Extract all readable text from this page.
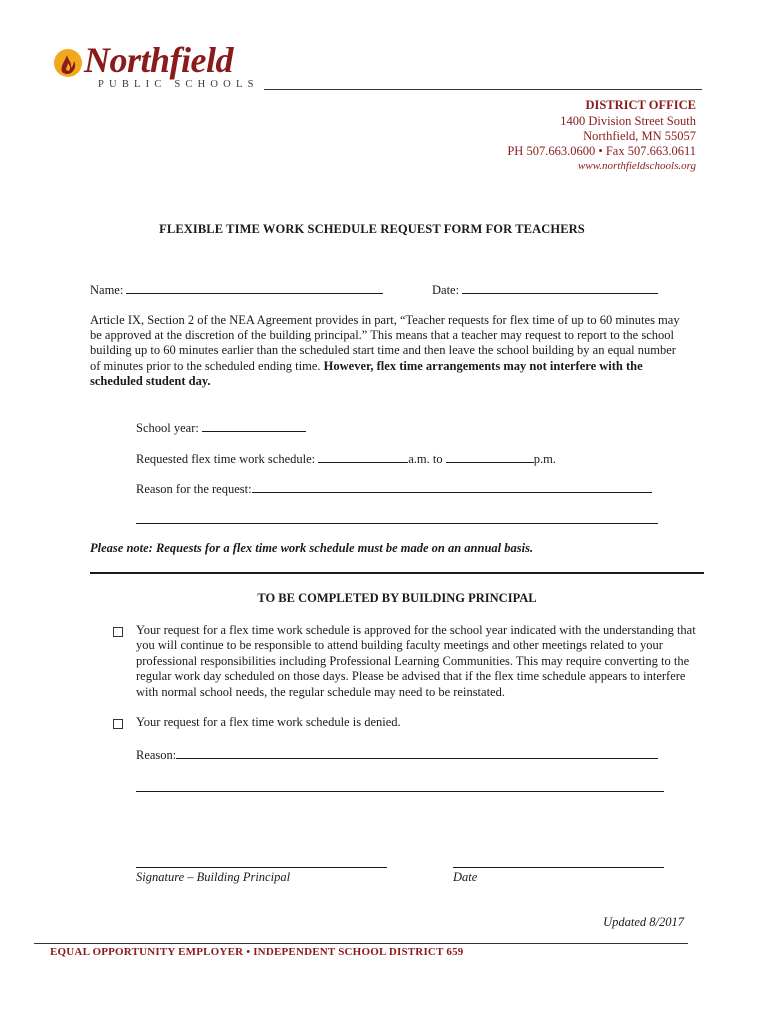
Northfield
PUBLIC SCHOOLS
DISTRICT OFFICE
1400 Division Street South
Northfield, MN 55057
PH 507.663.0600 • Fax 507.663.0611
www.northfieldschools.org
FLEXIBLE TIME WORK SCHEDULE REQUEST FORM FOR TEACHERS
Name:	Date:
Article IX, Section 2 of the NEA Agreement provides in part, “Teacher requests for flex time of up to 60 minutes may be approved at the discretion of the building principal.” This means that a teacher may request to report to the school building up to 60 minutes earlier than the scheduled start time and then leave the school building by an equal number of minutes prior to the scheduled ending time. However, flex time arrangements may not interfere with the scheduled student day.
School year:
Requested flex time work schedule:	a.m. to	p.m.
Reason for the request:
Please note: Requests for a flex time work schedule must be made on an annual basis.
TO BE COMPLETED BY BUILDING PRINCIPAL
Your request for a flex time work schedule is approved for the school year indicated with the understanding that you will continue to be responsible to attend building faculty meetings and other meetings related to your professional responsibilities including Professional Learning Communities. This may require converting to the regular work day scheduled on those days. Please be advised that if the flex time schedule appears to interfere with normal school needs, the regular schedule may need to be reinstated.
Your request for a flex time work schedule is denied.
Reason:
Signature – Building Principal	Date
Updated 8/2017
EQUAL OPPORTUNITY EMPLOYER • INDEPENDENT SCHOOL DISTRICT 659
